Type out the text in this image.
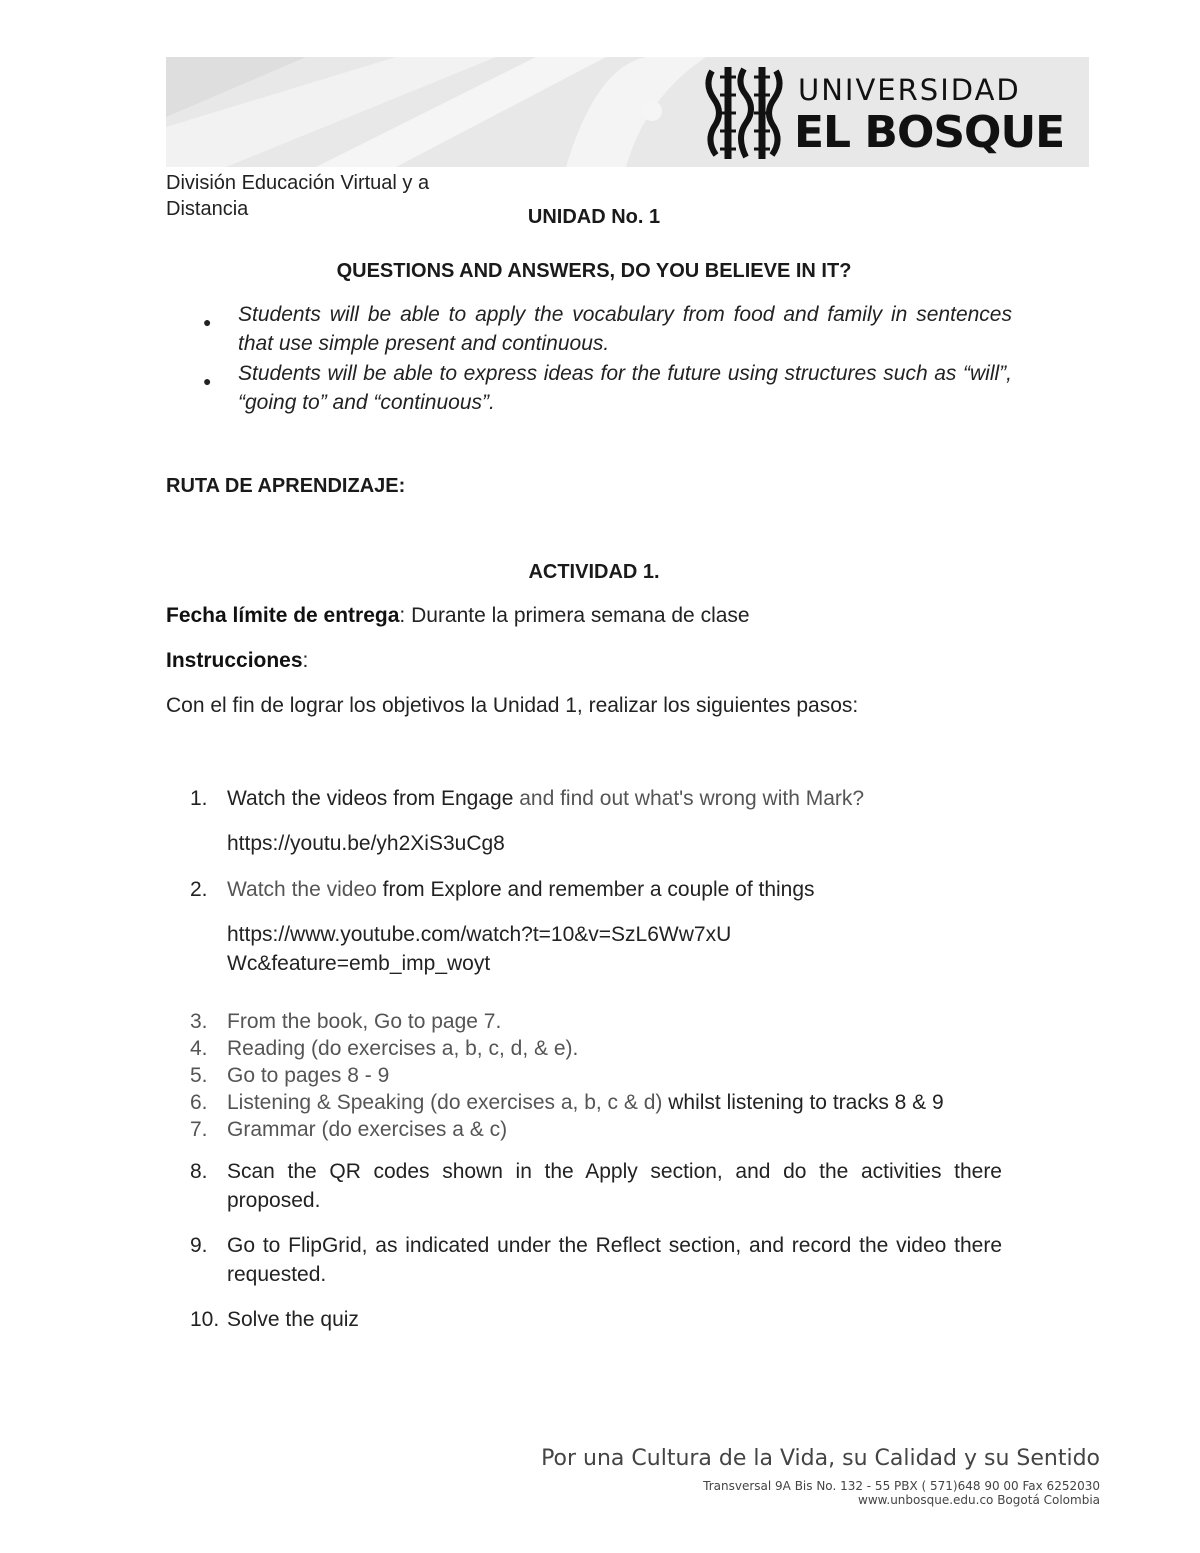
UNIVERSIDAD
EL BOSQUE
División Educación Virtual y a Distancia	UNIDAD No. 1
QUESTIONS AND ANSWERS, DO YOU BELIEVE IN IT?
● Students will be able to apply the vocabulary from food and family in sentences that use simple present and continuous.
● Students will be able to express ideas for the future using structures such as “will”, “going to” and “continuous”.
RUTA DE APRENDIZAJE:
ACTIVIDAD 1.
Fecha límite de entrega: Durante la primera semana de clase
Instrucciones:
Con el fin de lograr los objetivos la Unidad 1, realizar los siguientes pasos:
1. Watch the videos from Engage and find out what's wrong with Mark?
https://youtu.be/yh2XiS3uCg8
2. Watch the video from Explore and remember a couple of things
https://www.youtube.com/watch?t=10&v=SzL6Ww7xUWc&feature=emb_imp_woyt
3. From the book, Go to page 7.
4. Reading (do exercises a, b, c, d, & e).
5. Go to pages 8 - 9
6. Listening & Speaking (do exercises a, b, c & d) whilst listening to tracks 8 & 9
7. Grammar (do exercises a & c)
8. Scan the QR codes shown in the Apply section, and do the activities there proposed.
9. Go to FlipGrid, as indicated under the Reflect section, and record the video there requested.
10. Solve the quiz
Por una Cultura de la Vida, su Calidad y su Sentido
Transversal 9A Bis No. 132 - 55 PBX ( 571)648 90 00 Fax 6252030
www.unbosque.edu.co Bogotá Colombia
